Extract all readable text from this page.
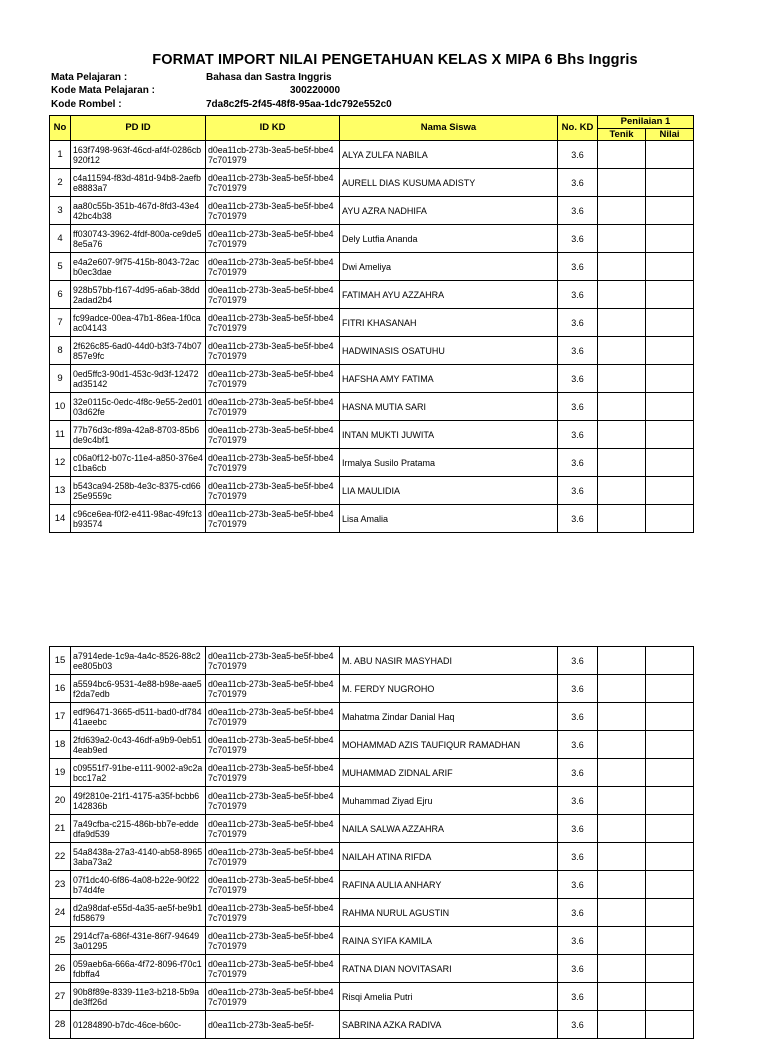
FORMAT IMPORT NILAI PENGETAHUAN KELAS X MIPA 6 Bhs Inggris
Mata Pelajaran :	Bahasa dan Sastra Inggris
Kode Mata Pelajaran :	300220000
Kode Rombel :	7da8c2f5-2f45-48f8-95aa-1dc792e552c0
No	PD ID	ID KD	Nama Siswa	No. KD	Penilaian 1	
					Tenik	Nilai
1	163f7498-963f-46cd-af4f-0286cb920f12	d0ea11cb-273b-3ea5-be5f-bbe47c701979	ALYA ZULFA NABILA	3.6		
2	c4a11594-f83d-481d-94b8-2aefbe8883a7	d0ea11cb-273b-3ea5-be5f-bbe47c701979	AURELL DIAS KUSUMA ADISTY	3.6		
3	aa80c55b-351b-467d-8fd3-43e442bc4b38	d0ea11cb-273b-3ea5-be5f-bbe47c701979	AYU AZRA NADHIFA	3.6		
4	ff030743-3962-4fdf-800a-ce9de58e5a76	d0ea11cb-273b-3ea5-be5f-bbe47c701979	Dely Lutfia Ananda	3.6		
5	e4a2e607-9f75-415b-8043-72acb0ec3dae	d0ea11cb-273b-3ea5-be5f-bbe47c701979	Dwi Ameliya	3.6		
6	928b57bb-f167-4d95-a6ab-38dd2adad2b4	d0ea11cb-273b-3ea5-be5f-bbe47c701979	FATIMAH AYU AZZAHRA	3.6		
7	fc99adce-00ea-47b1-86ea-1f0caac04143	d0ea11cb-273b-3ea5-be5f-bbe47c701979	FITRI KHASANAH	3.6		
8	2f626c85-6ad0-44d0-b3f3-74b07857e9fc	d0ea11cb-273b-3ea5-be5f-bbe47c701979	HADWINASIS OSATUHU	3.6		
9	0ed5ffc3-90d1-453c-9d3f-12472ad35142	d0ea11cb-273b-3ea5-be5f-bbe47c701979	HAFSHA AMY FATIMA	3.6		
10	32e0115c-0edc-4f8c-9e55-2ed0103d62fe	d0ea11cb-273b-3ea5-be5f-bbe47c701979	HASNA MUTIA SARI	3.6		
11	77b76d3c-f89a-42a8-8703-85b6de9c4bf1	d0ea11cb-273b-3ea5-be5f-bbe47c701979	INTAN MUKTI JUWITA	3.6		
12	c06a0f12-b07c-11e4-a850-376e4c1ba6cb	d0ea11cb-273b-3ea5-be5f-bbe47c701979	Irmalya Susilo Pratama	3.6		
13	b543ca94-258b-4e3c-8375-cd6625e9559c	d0ea11cb-273b-3ea5-be5f-bbe47c701979	LIA MAULIDIA	3.6		
14	c96ce6ea-f0f2-e411-98ac-49fc13b93574	d0ea11cb-273b-3ea5-be5f-bbe47c701979	Lisa Amalia	3.6		
15	a7914ede-1c9a-4a4c-8526-88c2ee805b03	d0ea11cb-273b-3ea5-be5f-bbe47c701979	M. ABU NASIR MASYHADI	3.6		
16	a5594bc6-9531-4e88-b98e-aae5f2da7edb	d0ea11cb-273b-3ea5-be5f-bbe47c701979	M. FERDY NUGROHO	3.6		
17	edf96471-3665-d511-bad0-df78441aeebc	d0ea11cb-273b-3ea5-be5f-bbe47c701979	Mahatma Zindar Danial Haq	3.6		
18	2fd639a2-0c43-46df-a9b9-0eb514eab9ed	d0ea11cb-273b-3ea5-be5f-bbe47c701979	MOHAMMAD AZIS TAUFIQUR RAMADHAN	3.6		
19	c09551f7-91be-e111-9002-a9c2abcc17a2	d0ea11cb-273b-3ea5-be5f-bbe47c701979	MUHAMMAD ZIDNAL ARIF	3.6		
20	49f2810e-21f1-4175-a35f-bcbb6142836b	d0ea11cb-273b-3ea5-be5f-bbe47c701979	Muhammad Ziyad Ejru	3.6		
21	7a49cfba-c215-486b-bb7e-eddedfa9d539	d0ea11cb-273b-3ea5-be5f-bbe47c701979	NAILA SALWA AZZAHRA	3.6		
22	54a8438a-27a3-4140-ab58-89653aba73a2	d0ea11cb-273b-3ea5-be5f-bbe47c701979	NAILAH ATINA RIFDA	3.6		
23	07f1dc40-6f86-4a08-b22e-90f22b74d4fe	d0ea11cb-273b-3ea5-be5f-bbe47c701979	RAFINA AULIA ANHARY	3.6		
24	d2a98daf-e55d-4a35-ae5f-be9b1fd58679	d0ea11cb-273b-3ea5-be5f-bbe47c701979	RAHMA NURUL AGUSTIN	3.6		
25	2914cf7a-686f-431e-86f7-946493a01295	d0ea11cb-273b-3ea5-be5f-bbe47c701979	RAINA SYIFA KAMILA	3.6		
26	059aeb6a-666a-4f72-8096-f70c1fdbffa4	d0ea11cb-273b-3ea5-be5f-bbe47c701979	RATNA DIAN NOVITASARI	3.6		
27	90b8f89e-8339-11e3-b218-5b9ade3ff26d	d0ea11cb-273b-3ea5-be5f-bbe47c701979	Risqi Amelia Putri	3.6		
28	01284890-b7dc-46ce-b60c-	d0ea11cb-273b-3ea5-be5f-	SABRINA AZKA RADIVA	3.6		
